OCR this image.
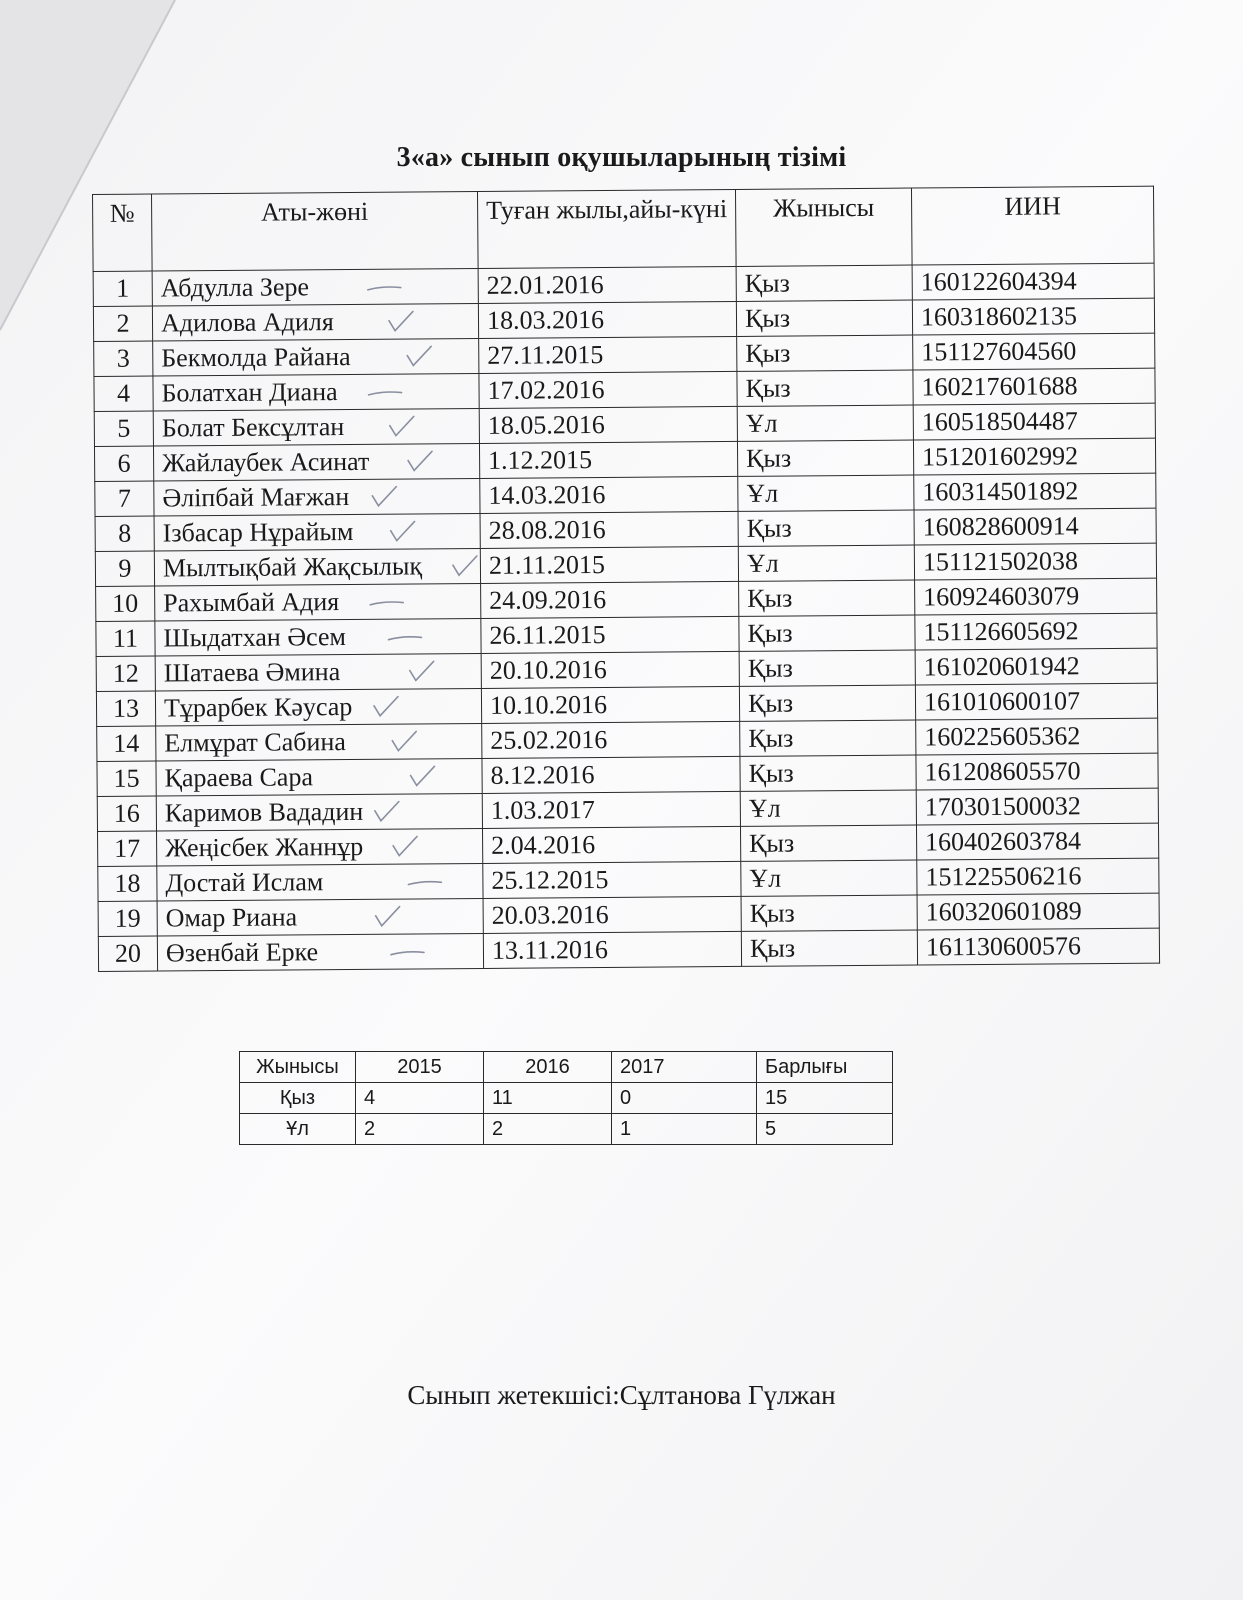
3«а» сынып оқушыларының тізімі
№	Аты-жөні	Туған жылы,айы-күні	Жынысы	ИИН
1	Абдулла Зере	22.01.2016	Қыз	160122604394
2	Адилова Адиля	18.03.2016	Қыз	160318602135
3	Бекмолда Райана	27.11.2015	Қыз	151127604560
4	Болатхан Диана	17.02.2016	Қыз	160217601688
5	Болат Бексұлтан	18.05.2016	Ұл	160518504487
6	Жайлаубек Асинат	1.12.2015	Қыз	151201602992
7	Әліпбай Мағжан	14.03.2016	Ұл	160314501892
8	Ізбасар Нұрайым	28.08.2016	Қыз	160828600914
9	Мылтықбай Жақсылық	21.11.2015	Ұл	151121502038
10	Рахымбай Адия	24.09.2016	Қыз	160924603079
11	Шыдатхан Әсем	26.11.2015	Қыз	151126605692
12	Шатаева Әмина	20.10.2016	Қыз	161020601942
13	Тұрарбек Кәусар	10.10.2016	Қыз	161010600107
14	Елмұрат Сабина	25.02.2016	Қыз	160225605362
15	Қараева Сара	8.12.2016	Қыз	161208605570
16	Каримов Вададин	1.03.2017	Ұл	170301500032
17	Жеңісбек Жаннұр	2.04.2016	Қыз	160402603784
18	Достай Ислам	25.12.2015	Ұл	151225506216
19	Омар Риана	20.03.2016	Қыз	160320601089
20	Өзенбай Ерке	13.11.2016	Қыз	161130600576
Жынысы	2015	2016	2017	Барлығы
Қыз	4	11	0	15
Ұл	2	2	1	5
Сынып жетекшісі:Сұлтанова Гүлжан
